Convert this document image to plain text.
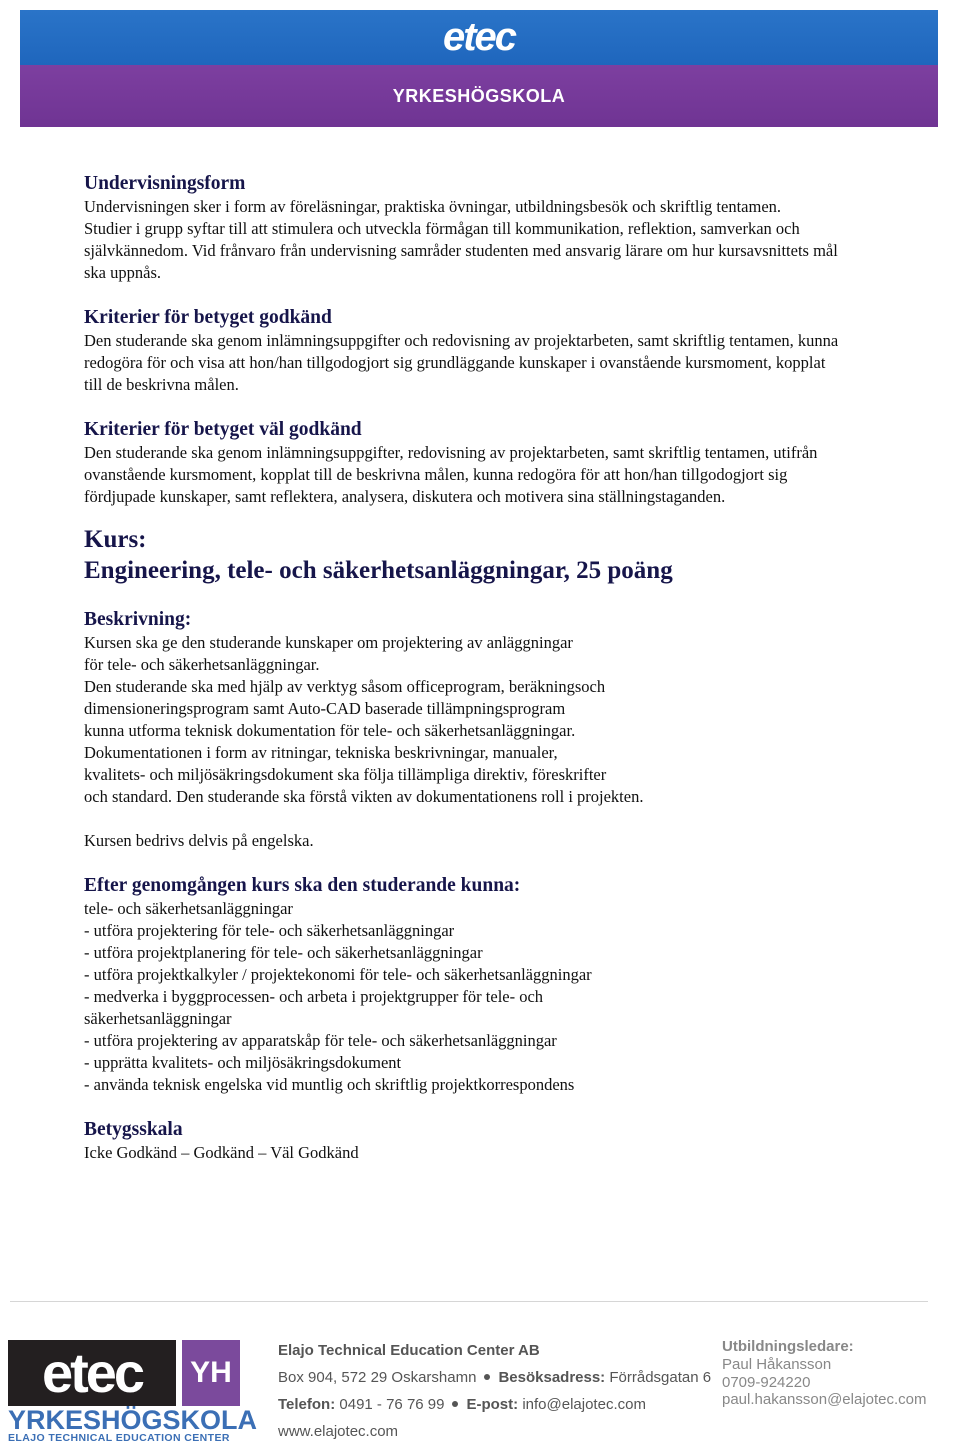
etec
YRKESHÖGSKOLA
Undervisningsform
Undervisningen sker i form av föreläsningar, praktiska övningar, utbildningsbesök och skriftlig tentamen.
Studier i grupp syftar till att stimulera och utveckla förmågan till kommunikation, reflektion, samverkan och
självkännedom. Vid frånvaro från undervisning samråder studenten med ansvarig lärare om hur kursavsnittets mål
ska uppnås.
Kriterier för betyget godkänd
Den studerande ska genom inlämningsuppgifter och redovisning av projektarbeten, samt skriftlig tentamen, kunna
redogöra för och visa att hon/han tillgodogjort sig grundläggande kunskaper i ovanstående kursmoment, kopplat
till de beskrivna målen.
Kriterier för betyget väl godkänd
Den studerande ska genom inlämningsuppgifter, redovisning av projektarbeten, samt skriftlig tentamen, utifrån
ovanstående kursmoment, kopplat till de beskrivna målen, kunna redogöra för att hon/han tillgodogjort sig
fördjupade kunskaper, samt reflektera, analysera, diskutera och motivera sina ställningstaganden.
Kurs:
Engineering, tele- och säkerhetsanläggningar, 25 poäng
Beskrivning:
Kursen ska ge den studerande kunskaper om projektering av anläggningar
för tele- och säkerhetsanläggningar.
Den studerande ska med hjälp av verktyg såsom officeprogram, beräkningsoch
dimensioneringsprogram samt Auto-CAD baserade tillämpningsprogram
kunna utforma teknisk dokumentation för tele- och säkerhetsanläggningar.
Dokumentationen i form av ritningar, tekniska beskrivningar, manualer,
kvalitets- och miljösäkringsdokument ska följa tillämpliga direktiv, föreskrifter
och standard. Den studerande ska förstå vikten av dokumentationens roll i projekten.
Kursen bedrivs delvis på engelska.
Efter genomgången kurs ska den studerande kunna:
tele- och säkerhetsanläggningar
- utföra projektering för tele- och säkerhetsanläggningar
- utföra projektplanering för tele- och säkerhetsanläggningar
- utföra projektkalkyler / projektekonomi för tele- och säkerhetsanläggningar
- medverka i byggprocessen- och arbeta i projektgrupper för tele- och
säkerhetsanläggningar
- utföra projektering av apparatskåp för tele- och säkerhetsanläggningar
- upprätta kvalitets- och miljösäkringsdokument
- använda teknisk engelska vid muntlig och skriftlig projektkorrespondens
Betygsskala
Icke Godkänd – Godkänd – Väl Godkänd
etec YH
YRKESHÖGSKOLA
ELAJO TECHNICAL EDUCATION CENTER
Elajo Technical Education Center AB
Box 904, 572 29 Oskarshamn Besöksadress: Förrådsgatan 6
Telefon: 0491 - 76 76 99 E-post: info@elajotec.com
www.elajotec.com
Utbildningsledare:
Paul Håkansson
0709-924220
paul.hakansson@elajotec.com
